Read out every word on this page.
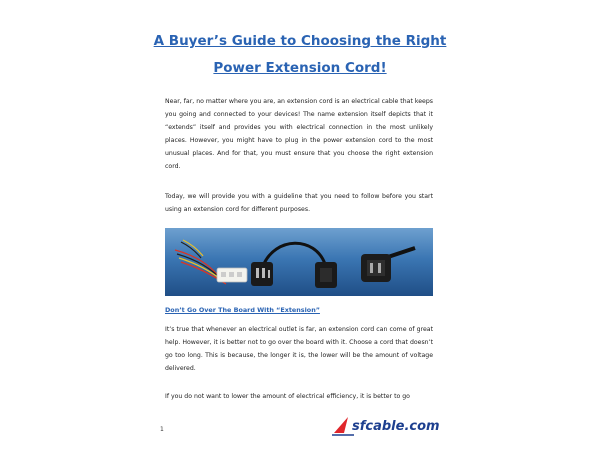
A Buyer’s Guide to Choosing the Right
Power Extension Cord!
Near, far, no matter where you are, an extension cord is an electrical cable that keeps you going and connected to your devices! The name extension itself depicts that it “extends” itself and provides you with electrical connection in the most unlikely places. However, you might have to plug in the power extension cord to the most unusual places. And for that, you must ensure that you choose the right extension cord.
Today, we will provide you with a guideline that you need to follow before you start using an extension cord for different purposes.
Don’t Go Over The Board With “Extension”
It’s true that whenever an electrical outlet is far, an extension cord can come of great help. However, it is better not to go over the board with it. Choose a cord that doesn’t go too long. This is because, the longer it is, the lower will be the amount of voltage delivered.
If you do not want to lower the amount of electrical efficiency, it is better to go
1	sfcable.com
